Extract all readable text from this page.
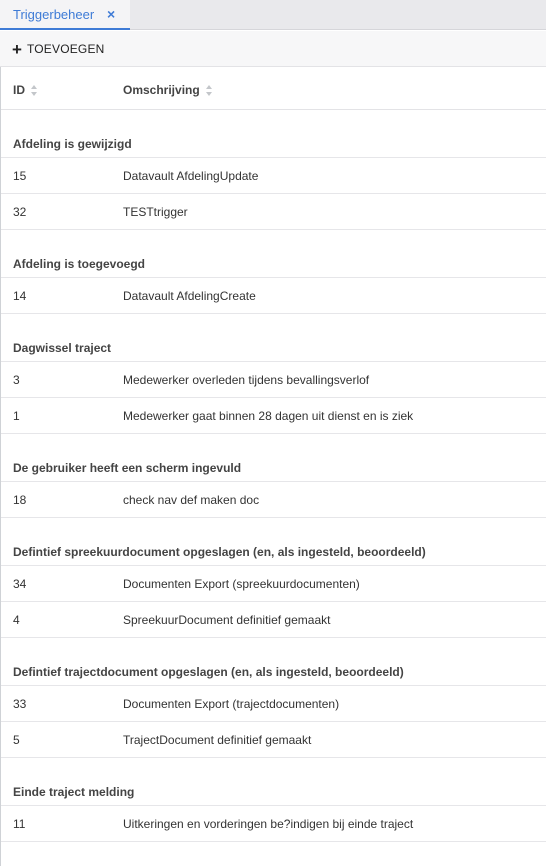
Triggerbeheer ×
+ TOEVOEGEN
ID	Omschrijving
Afdeling is gewijzigd
15	Datavault AfdelingUpdate
32	TESTtrigger
Afdeling is toegevoegd
14	Datavault AfdelingCreate
Dagwissel traject
3	Medewerker overleden tijdens bevallingsverlof
1	Medewerker gaat binnen 28 dagen uit dienst en is ziek
De gebruiker heeft een scherm ingevuld
18	check nav def maken doc
Defintief spreekuurdocument opgeslagen (en, als ingesteld, beoordeeld)
34	Documenten Export (spreekuurdocumenten)
4	SpreekuurDocument definitief gemaakt
Defintief trajectdocument opgeslagen (en, als ingesteld, beoordeeld)
33	Documenten Export (trajectdocumenten)
5	TrajectDocument definitief gemaakt
Einde traject melding
11	Uitkeringen en vorderingen be?indigen bij einde traject
